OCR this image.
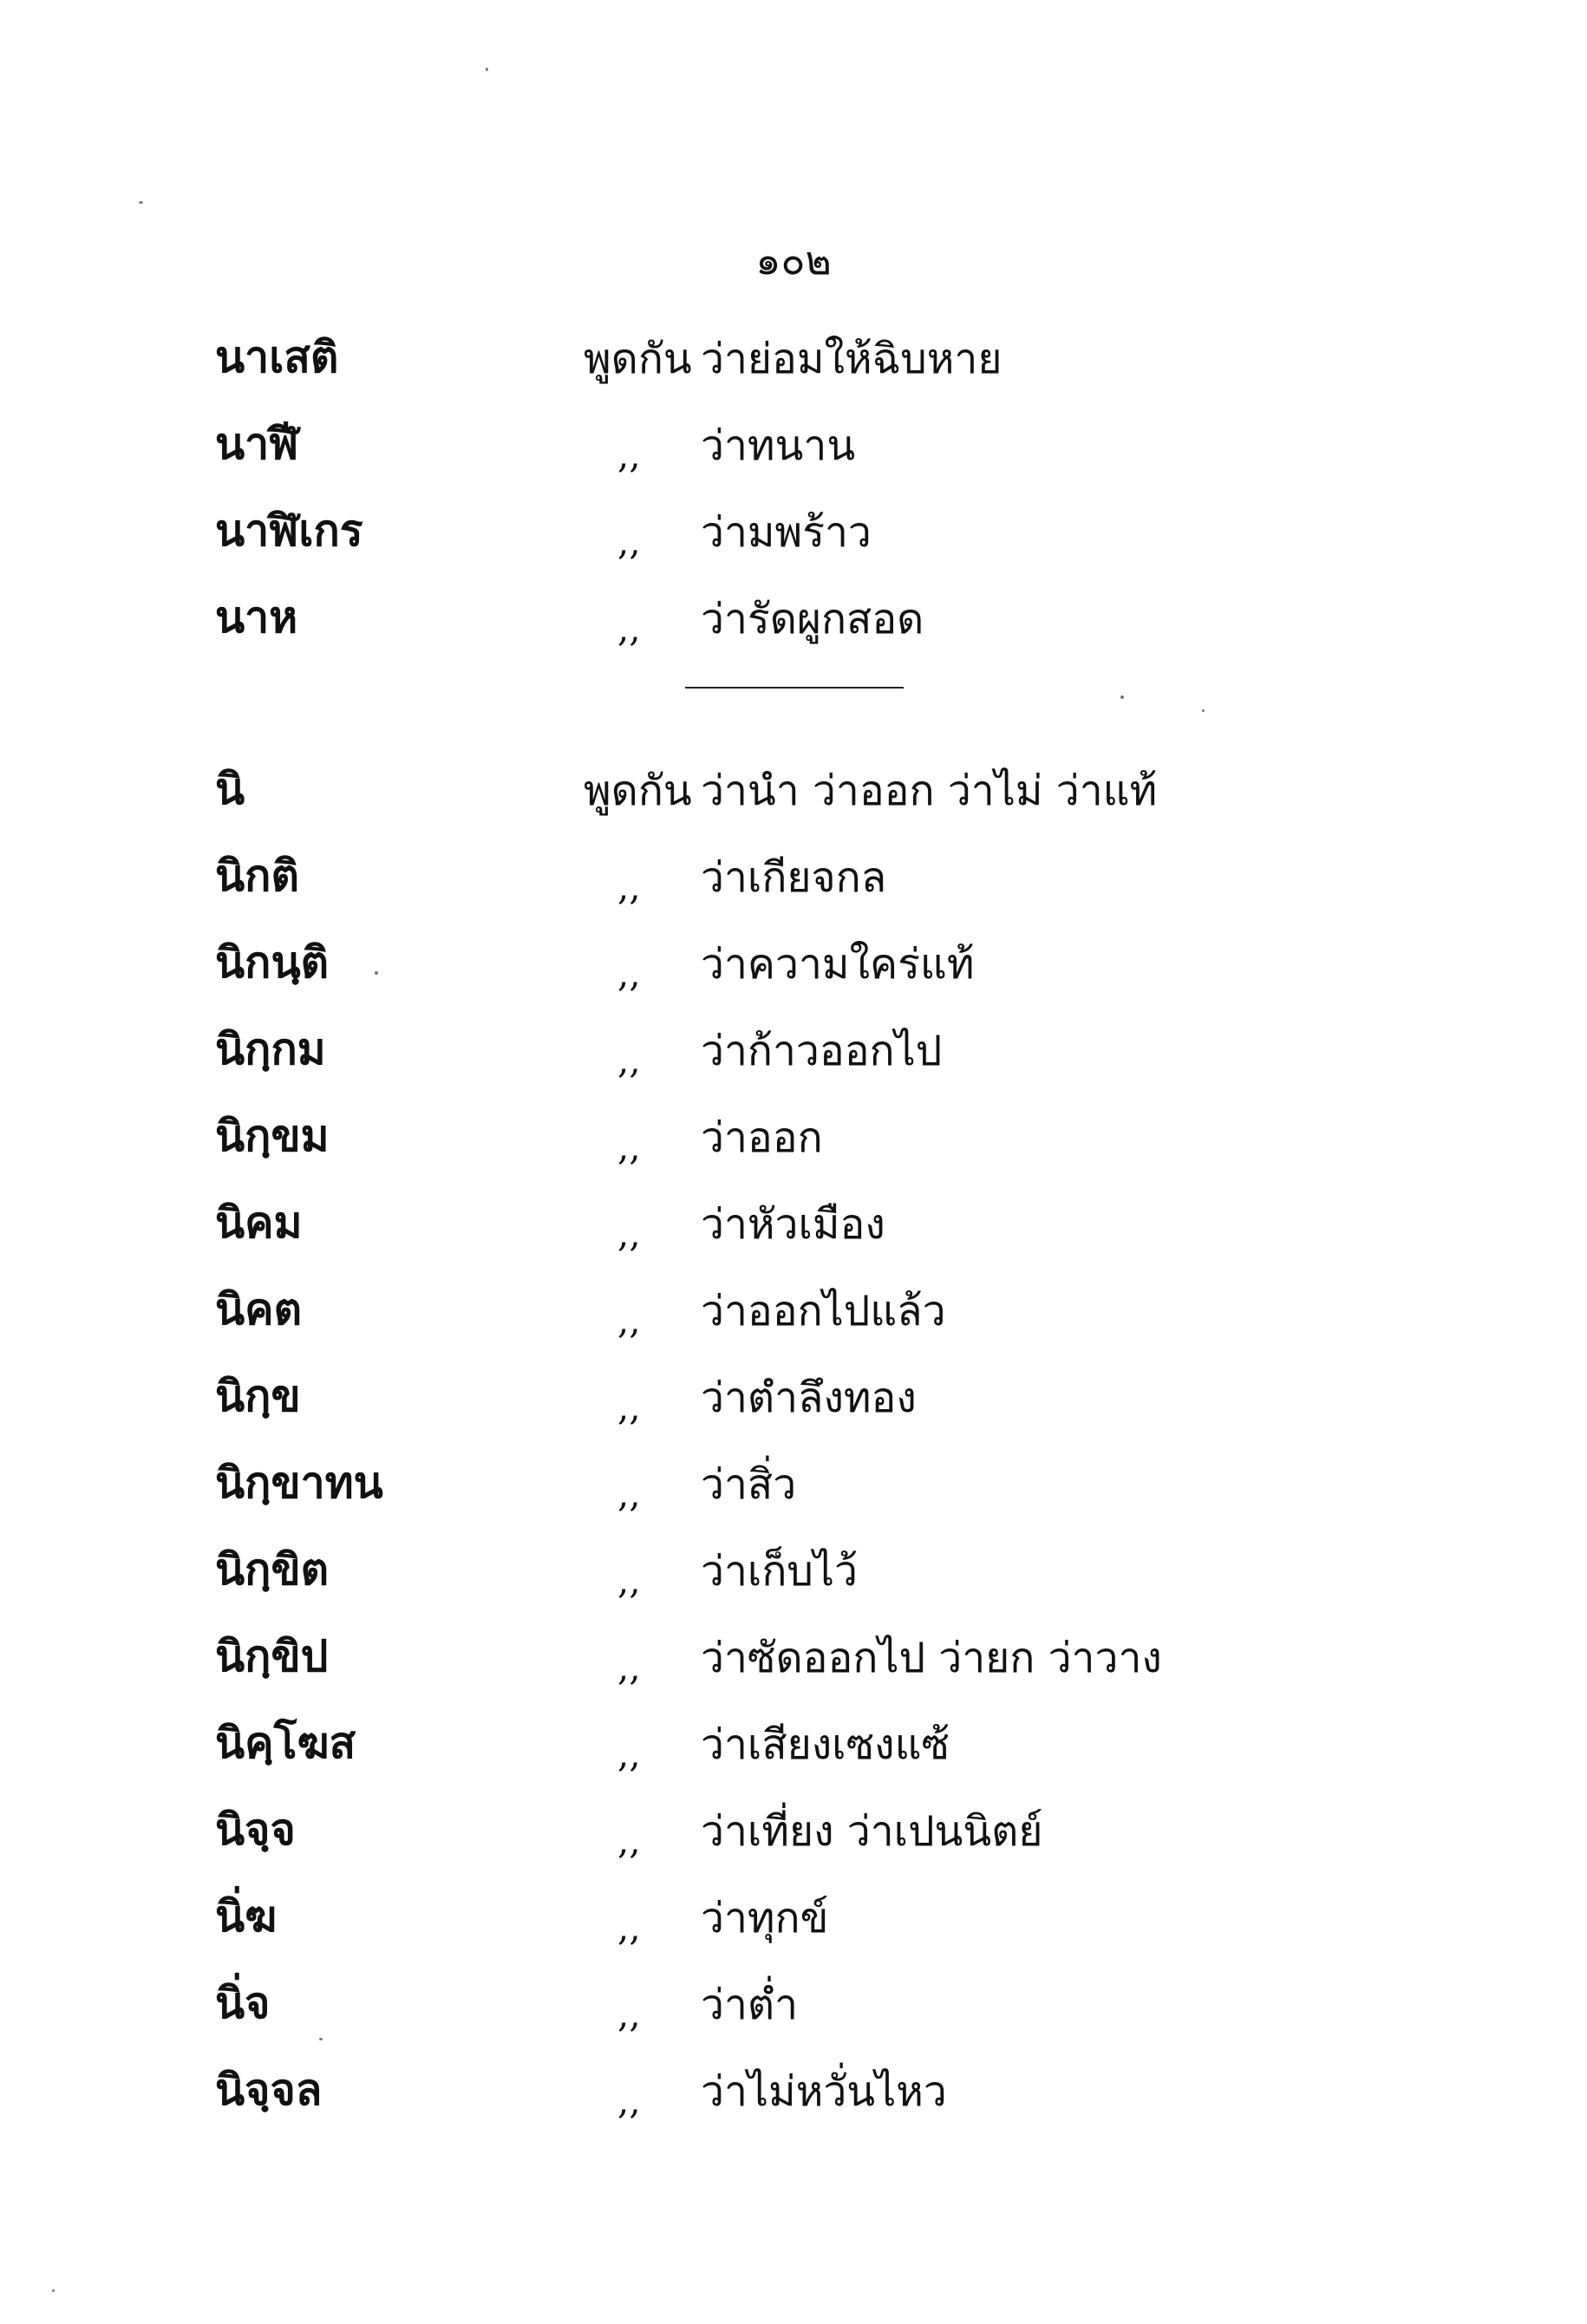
๑๐๒
นาเสติ	พูดกัน ว่าย่อมให้ฉิบหาย
นาฬี	,, ว่าทนาน
นาฬิเกร	,, ว่ามพร้าว
นาห	,, ว่ารัดผูกสอด
นิ	พูดกัน ว่านำ ว่าออก ว่าไม่ ว่าแท้
นิกติ	,, ว่าเกียจกล
นิกนฺติ	,, ว่าความใคร่แท้
นิกฺกม	,, ว่าก้าวออกไป
นิกฺขม	,, ว่าออก
นิคม	,, ว่าหัวเมือง
นิคต	,, ว่าออกไปแล้ว
นิกฺข	,, ว่าตำลึงทอง
นิกฺขาทน	,, ว่าสิ่ว
นิกฺขิต	,, ว่าเก็บไว้
นิกฺขิป	,, ว่าซัดออกไป ว่ายก ว่าวาง
นิคฺโฆส	,, ว่าเสียงเซงแซ้
นิจฺจ	,, ว่าเที่ยง ว่าเปนนิตย์
นิ่ฆ	,, ว่าทุกข์
นิ่จ	,, ว่าต่ำ
นิจฺจล	,, ว่าไม่หวั่นไหว
